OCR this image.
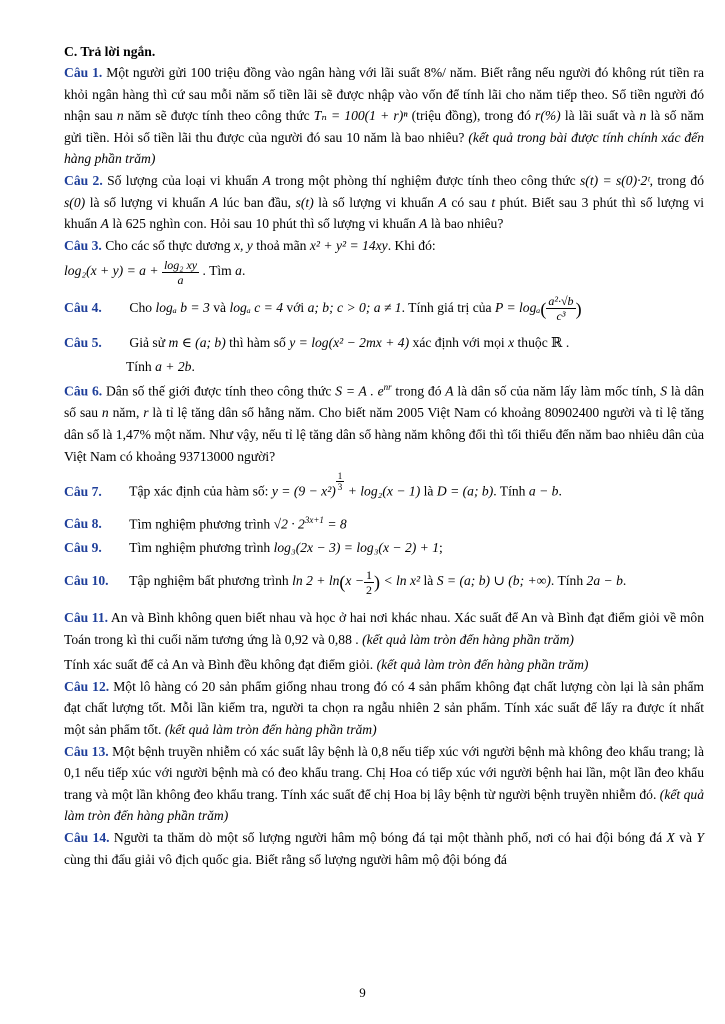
C. Trả lời ngắn.

Câu 1. Một người gửi 100 triệu đồng vào ngân hàng với lãi suất 8%/ năm. Biết rằng nếu người đó không rút tiền ra khỏi ngân hàng thì cứ sau mỗi năm số tiền lãi sẽ được nhập vào vốn để tính lãi cho năm tiếp theo. Số tiền người đó nhận sau n năm sẽ được tính theo công thức Tₙ = 100(1 + r)ⁿ (triệu đồng), trong đó r(%) là lãi suất và n là số năm gửi tiền. Hỏi số tiền lãi thu được của người đó sau 10 năm là bao nhiêu? (kết quả trong bài được tính chính xác đến hàng phần trăm)

Câu 2. Số lượng của loại vi khuẩn A trong một phòng thí nghiệm được tính theo công thức s(t) = s(0)·2ᵗ, trong đó s(0) là số lượng vi khuẩn A lúc ban đầu, s(t) là số lượng vi khuẩn A có sau t phút. Biết sau 3 phút thì số lượng vi khuẩn A là 625 nghìn con. Hỏi sau 10 phút thì số lượng vi khuẩn A là bao nhiêu?

Câu 3. Cho các số thực dương x, y thoả mãn x² + y² = 14xy. Khi đó:

$\log_2(x + y) = a + \frac{\text{log₂ xy}}{a}$ . Tìm a.

Câu 4. Cho logₐ b = 3 và logₐ c = 4 với a; b; c > 0; a ≠ 1. Tính giá trị của $P = \log_a( \frac{\text{a²·√b}}{\text{c³}}$ )

Câu 5. Giả sử m ∈ (a; b) thì hàm số y = log(x² − 2mx + 4) xác định với mọi x thuộc ℝ .

Tính a + 2b.

Câu 6. Dân số thế giới được tính theo công thức S = A . $e^{nr}$ trong đó A là dân số của năm lấy làm mốc tính, S là dân số sau n năm, r là tỉ lệ tăng dân số hằng năm. Cho biết năm 2005 Việt Nam có khoảng 80902400 người và tỉ lệ tăng dân số là 1,47% một năm. Như vậy, nếu tỉ lệ tăng dân số hàng năm không đổi thì tối thiểu đến năm bao nhiêu dân của Việt Nam có khoảng 93713000 người?

Câu 7. Tập xác định của hàm số: $y = (9 - x^2) \frac{1}{3} + \log_2(x - 1)$ là D = (a; b). Tính a − b.

Câu 8. Tìm nghiệm phương trình $√2 \cdot 2^{3x+1} = 8$

Câu 9. Tìm nghiệm phương trình log₃(2x − 3) = log₃(x − 2) + 1;

Câu 10. Tập nghiệm bất phương trình $\ln 2 + \ln(x - \frac{1}{2}$ ) < ln x² là S = (a; b) ∪ (b; +∞). Tính 2a − b.

Câu 11. An và Bình không quen biết nhau và học ở hai nơi khác nhau. Xác suất để An và Bình đạt điểm giỏi về môn Toán trong kì thi cuối năm tương ứng là 0,92 và 0,88 . (kết quả làm tròn đến hàng phần trăm)

Tính xác suất để cả An và Bình đều không đạt điểm giỏi. (kết quả làm tròn đến hàng phần trăm)

Câu 12. Một lô hàng có 20 sản phẩm giống nhau trong đó có 4 sản phẩm không đạt chất lượng còn lại là sản phẩm đạt chất lượng tốt. Mỗi lần kiểm tra, người ta chọn ra ngẫu nhiên 2 sản phẩm. Tính xác suất để lấy ra được ít nhất một sản phẩm tốt. (kết quả làm tròn đến hàng phần trăm)

Câu 13. Một bệnh truyền nhiễm có xác suất lây bệnh là 0,8 nếu tiếp xúc với người bệnh mà không đeo khẩu trang; là 0,1 nếu tiếp xúc với người bệnh mà có đeo khẩu trang. Chị Hoa có tiếp xúc với người bệnh hai lần, một lần đeo khẩu trang và một lần không đeo khẩu trang. Tính xác suất để chị Hoa bị lây bệnh từ người bệnh truyền nhiễm đó. (kết quả làm tròn đến hàng phần trăm)

Câu 14. Người ta thăm dò một số lượng người hâm mộ bóng đá tại một thành phố, nơi có hai đội bóng đá X và Y cùng thi đấu giải vô địch quốc gia. Biết rằng số lượng người hâm mộ đội bóng đá

9
